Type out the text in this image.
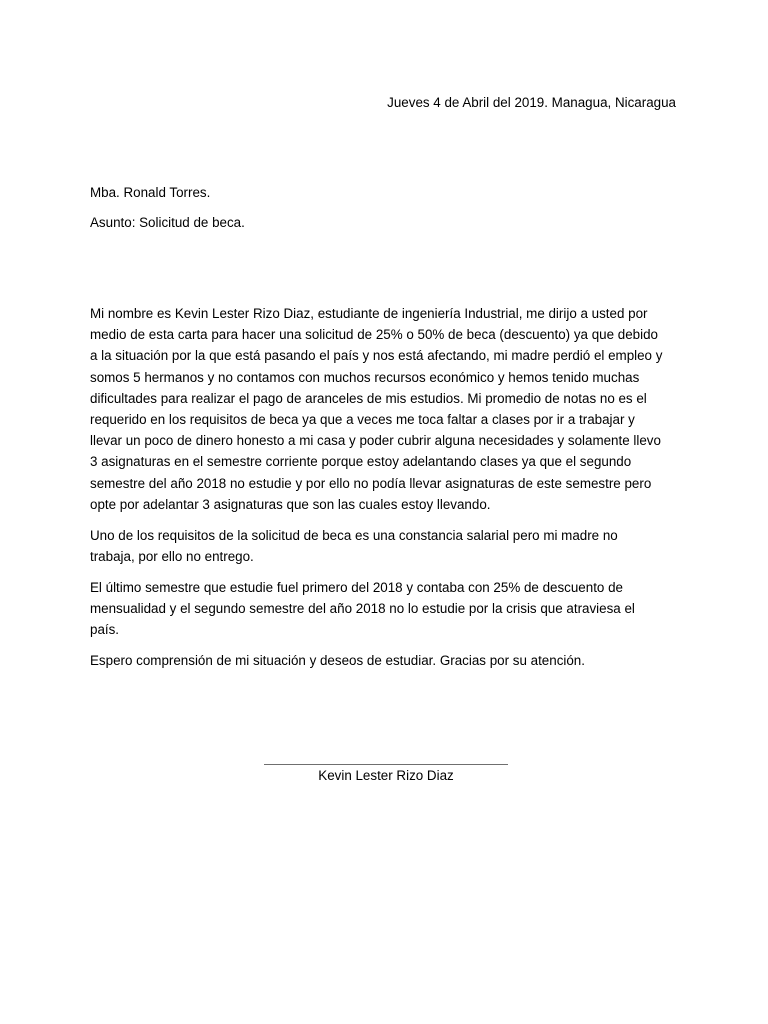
Jueves 4 de Abril del 2019. Managua, Nicaragua
Mba. Ronald Torres.
Asunto: Solicitud de beca.

Mi nombre es Kevin Lester Rizo Diaz, estudiante de ingeniería Industrial, me dirijo a usted por
medio de esta carta para hacer una solicitud de 25% o 50% de beca (descuento) ya que debido
a la situación por la que está pasando el país y nos está afectando, mi madre perdió el empleo y
somos 5 hermanos y no contamos con muchos recursos económico y hemos tenido muchas
dificultades para realizar el pago de aranceles de mis estudios. Mi promedio de notas no es el
requerido en los requisitos de beca ya que a veces me toca faltar a clases por ir a trabajar y
llevar un poco de dinero honesto a mi casa y poder cubrir alguna necesidades y solamente llevo
3 asignaturas en el semestre corriente porque estoy adelantando clases ya que el segundo
semestre del año 2018 no estudie y por ello no podía llevar asignaturas de este semestre pero
opte por adelantar 3 asignaturas que son las cuales estoy llevando.

Uno de los requisitos de la solicitud de beca es una constancia salarial pero mi madre no
trabaja, por ello no entrego.

El último semestre que estudie fuel primero del 2018 y contaba con 25% de descuento de
mensualidad y el segundo semestre del año 2018 no lo estudie por la crisis que atraviesa el
país.

Espero comprensión de mi situación y deseos de estudiar. Gracias por su atención.

Kevin Lester Rizo Diaz
